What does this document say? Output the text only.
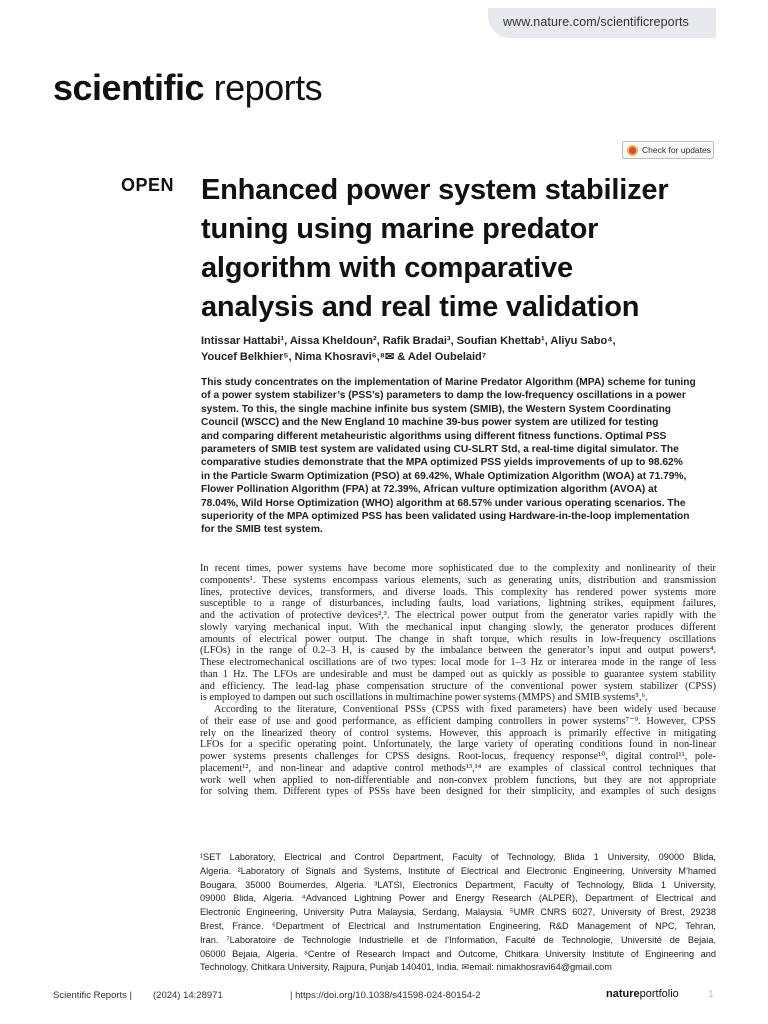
www.nature.com/scientificreports
scientific reports
Check for updates
OPEN Enhanced power system stabilizer
tuning using marine predator
algorithm with comparative
analysis and real time validation
Intissar Hattabi¹, Aissa Kheldoun², Rafik Bradai³, Soufian Khettab¹, Aliyu Sabo⁴,
Youcef Belkhier⁵, Nima Khosravi⁶,⁸✉ & Adel Oubelaid⁷
This study concentrates on the implementation of Marine Predator Algorithm (MPA) scheme for tuning
of a power system stabilizer’s (PSS’s) parameters to damp the low-frequency oscillations in a power
system. To this, the single machine infinite bus system (SMIB), the Western System Coordinating
Council (WSCC) and the New England 10 machine 39-bus power system are utilized for testing
and comparing different metaheuristic algorithms using different fitness functions. Optimal PSS
parameters of SMIB test system are validated using CU-SLRT Std, a real-time digital simulator. The
comparative studies demonstrate that the MPA optimized PSS yields improvements of up to 98.62%
in the Particle Swarm Optimization (PSO) at 69.42%, Whale Optimization Algorithm (WOA) at 71.79%,
Flower Pollination Algorithm (FPA) at 72.39%, African vulture optimization algorithm (AVOA) at
78.04%, Wild Horse Optimization (WHO) algorithm at 68.57% under various operating scenarios. The
superiority of the MPA optimized PSS has been validated using Hardware-in-the-loop implementation
for the SMIB test system.
In recent times, power systems have become more sophisticated due to the complexity and nonlinearity of their
components¹. These systems encompass various elements, such as generating units, distribution and transmission
lines, protective devices, transformers, and diverse loads. This complexity has rendered power systems more
susceptible to a range of disturbances, including faults, load variations, lightning strikes, equipment failures,
and the activation of protective devices²,³. The electrical power output from the generator varies rapidly with the
slowly varying mechanical input. With the mechanical input changing slowly, the generator produces different
amounts of electrical power output. The change in shaft torque, which results in low-frequency oscillations
(LFOs) in the range of 0.2–3 H, is caused by the imbalance between the generator’s input and output powers⁴.
These electromechanical oscillations are of two types: local mode for 1–3 Hz or interarea mode in the range of less
than 1 Hz. The LFOs are undesirable and must be damped out as quickly as possible to guarantee system stability
and efficiency. The lead-lag phase compensation structure of the conventional power system stabilizer (CPSS)
is employed to dampen out such oscillations in multimachine power systems (MMPS) and SMIB systems⁵,⁶.
According to the literature, Conventional PSSs (CPSS with fixed parameters) have been widely used because
of their ease of use and good performance, as efficient damping controllers in power systems⁷⁻⁹. However, CPSS
rely on the linearized theory of control systems. However, this approach is primarily effective in mitigating
LFOs for a specific operating point. Unfortunately, the large variety of operating conditions found in non-linear
power systems presents challenges for CPSS designs. Root-locus, frequency response¹⁰, digital control¹¹, pole-
placement¹², and non-linear and adaptive control methods¹³,¹⁴ are examples of classical control techniques that
work well when applied to non-differentiable and non-convex problem functions, but they are not appropriate
for solving them. Different types of PSSs have been designed for their simplicity, and examples of such designs
¹SET Laboratory, Electrical and Control Department, Faculty of Technology, Blida 1 University, 09000 Blida,
Algeria. ²Laboratory of Signals and Systems, Institute of Electrical and Electronic Engineering, University M’hamed
Bougara, 35000 Boumerdes, Algeria. ³LATSI, Electronics Department, Faculty of Technology, Blida 1 University,
09000 Blida, Algeria. ⁴Advanced Lightning Power and Energy Research (ALPER), Department of Electrical and
Electronic Engineering, University Putra Malaysia, Serdang, Malaysia. ⁵UMR CNRS 6027, University of Brest, 29238
Brest, France. ⁶Department of Electrical and Instrumentation Engineering, R&D Management of NPC, Tehran,
Iran. ⁷Laboratoire de Technologie Industrielle et de l’Information, Faculté de Technologie, Université de Bejaia,
06000 Bejaia, Algeria. ⁸Centre of Research Impact and Outcome, Chitkara University Institute of Engineering and
Technology, Chitkara University, Rajpura, Punjab 140401, India. ✉email: nimakhosravi64@gmail.com
Scientific Reports | (2024) 14:28971	| https://doi.org/10.1038/s41598-024-80154-2	natureportfolio	1
